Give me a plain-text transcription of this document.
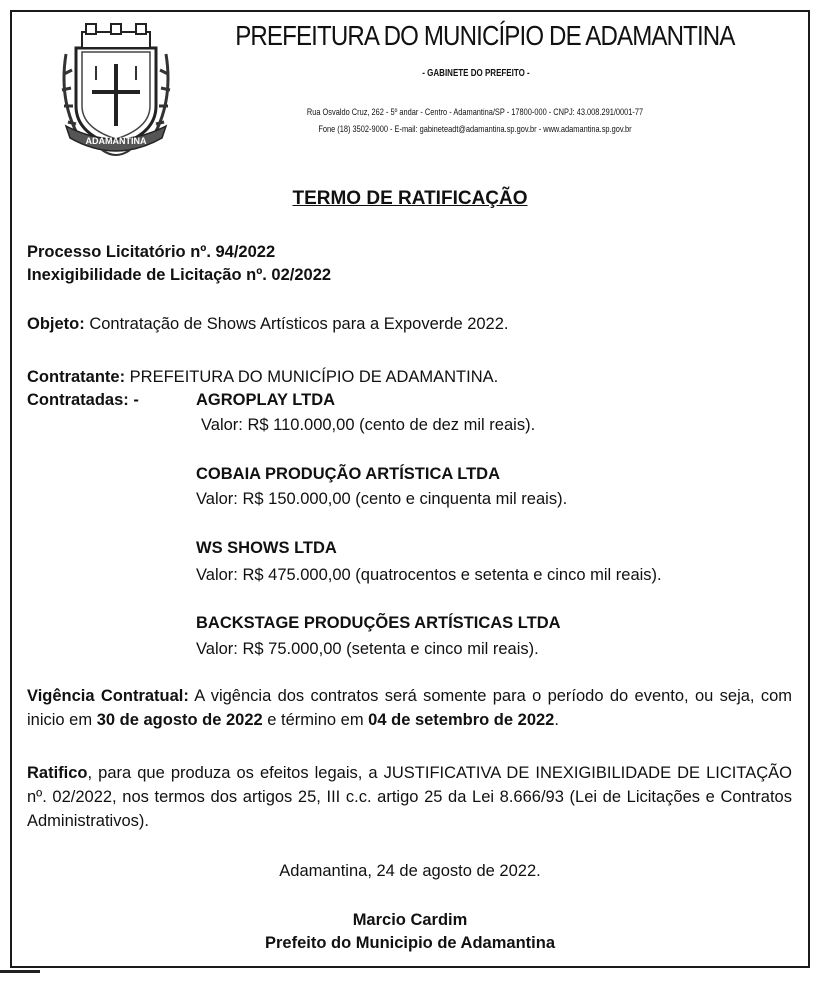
ADAMANTINA
PREFEITURA DO MUNICÍPIO DE ADAMANTINA
- GABINETE DO PREFEITO -
Rua Osvaldo Cruz, 262 - 5º andar - Centro - Adamantina/SP - 17800-000 - CNPJ: 43.008.291/0001-77
Fone (18) 3502-9000 - E-mail: gabineteadt@adamantina.sp.gov.br - www.adamantina.sp.gov.br
TERMO DE RATIFICAÇÃO
Processo Licitatório nº. 94/2022
Inexigibilidade de Licitação nº. 02/2022
Objeto: Contratação de Shows Artísticos para a Expoverde 2022.
Contratante: PREFEITURA DO MUNICÍPIO DE ADAMANTINA.
Contratadas: -	AGROPLAY LTDA
Valor: R$ 110.000,00 (cento de dez mil reais).
COBAIA PRODUÇÃO ARTÍSTICA LTDA
Valor: R$ 150.000,00 (cento e cinquenta mil reais).
WS SHOWS LTDA
Valor: R$ 475.000,00 (quatrocentos e setenta e cinco mil reais).
BACKSTAGE PRODUÇÕES ARTÍSTICAS LTDA
Valor: R$ 75.000,00 (setenta e cinco mil reais).
Vigência Contratual: A vigência dos contratos será somente para o período do evento, ou seja, com inicio em 30 de agosto de 2022 e término em 04 de setembro de 2022.
Ratifico, para que produza os efeitos legais, a JUSTIFICATIVA DE INEXIGIBILIDADE DE LICITAÇÃO nº. 02/2022, nos termos dos artigos 25, III c.c. artigo 25 da Lei 8.666/93 (Lei de Licitações e Contratos Administrativos).
Adamantina, 24 de agosto de 2022.
Marcio Cardim
Prefeito do Municipio de Adamantina
